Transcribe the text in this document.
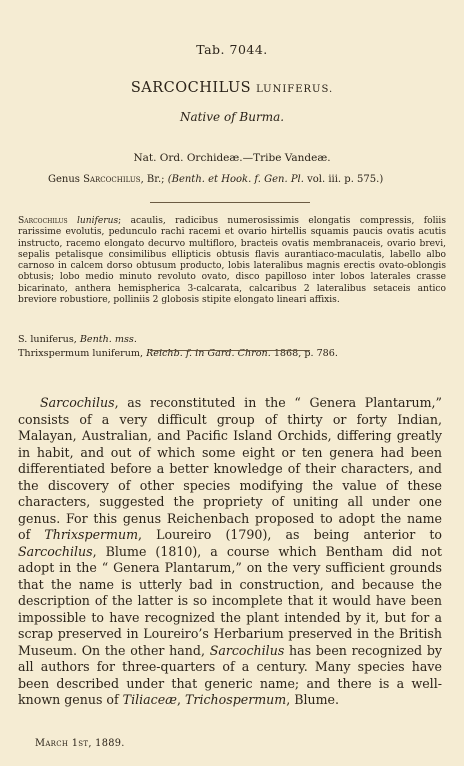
Tab. 7044.
SARCOCHILUS LUNIFERUS.
Native of Burma.
Nat. Ord. Orchideæ.—Tribe Vandeæ.
Genus Sarcochilus, Br.; (Benth. et Hook. f. Gen. Pl. vol. iii. p. 575.)
Sarcochilus luniferus; acaulis, radicibus numerosissimis elongatis compressis, foliis rarissime evolutis, pedunculo rachi racemi et ovario hirtellis squamis paucis ovatis acutis instructo, racemo elongato decurvo multifloro, bracteis ovatis membranaceis, ovario brevi, sepalis petalisque consimilibus ellipticis obtusis flavis aurantiaco-maculatis, labello albo carnoso in calcem dorso obtusum producto, lobis lateralibus magnis erectis ovato-oblongis obtusis; lobo medio minuto revoluto ovato, disco papilloso inter lobos laterales crasse bicarinato, anthera hemispherica 3-calcarata, calcaribus 2 lateralibus setaceis antico breviore robustiore, polliniis 2 globosis stipite elongato lineari affixis.
S. luniferus, Benth. mss.
Thrixspermum luniferum, Reichb. f. in Gard. Chron. 1868, p. 786.

Sarcochilus, as reconstituted in the “ Genera Plantarum,” consists of a very difficult group of thirty or forty Indian, Malayan, Australian, and Pacific Island Orchids, differing greatly in habit, and out of which some eight or ten genera had been differentiated before a better knowledge of their characters, and the discovery of other species modifying the value of these characters, suggested the propriety of uniting all under one genus. For this genus Reichenbach proposed to adopt the name of Thrixspermum, Loureiro (1790), as being anterior to Sarcochilus, Blume (1810), a course which Bentham did not adopt in the “ Genera Plantarum,” on the very sufficient grounds that the name is utterly bad in construction, and because the description of the latter is so incomplete that it would have been impossible to have recognized the plant intended by it, but for a scrap preserved in Loureiro’s Herbarium preserved in the British Museum. On the other hand, Sarcochilus has been recognized by all authors for three-quarters of a century. Many species have been described under that generic name; and there is a well-known genus of Tiliaceæ, Trichospermum, Blume.

March 1st, 1889.
